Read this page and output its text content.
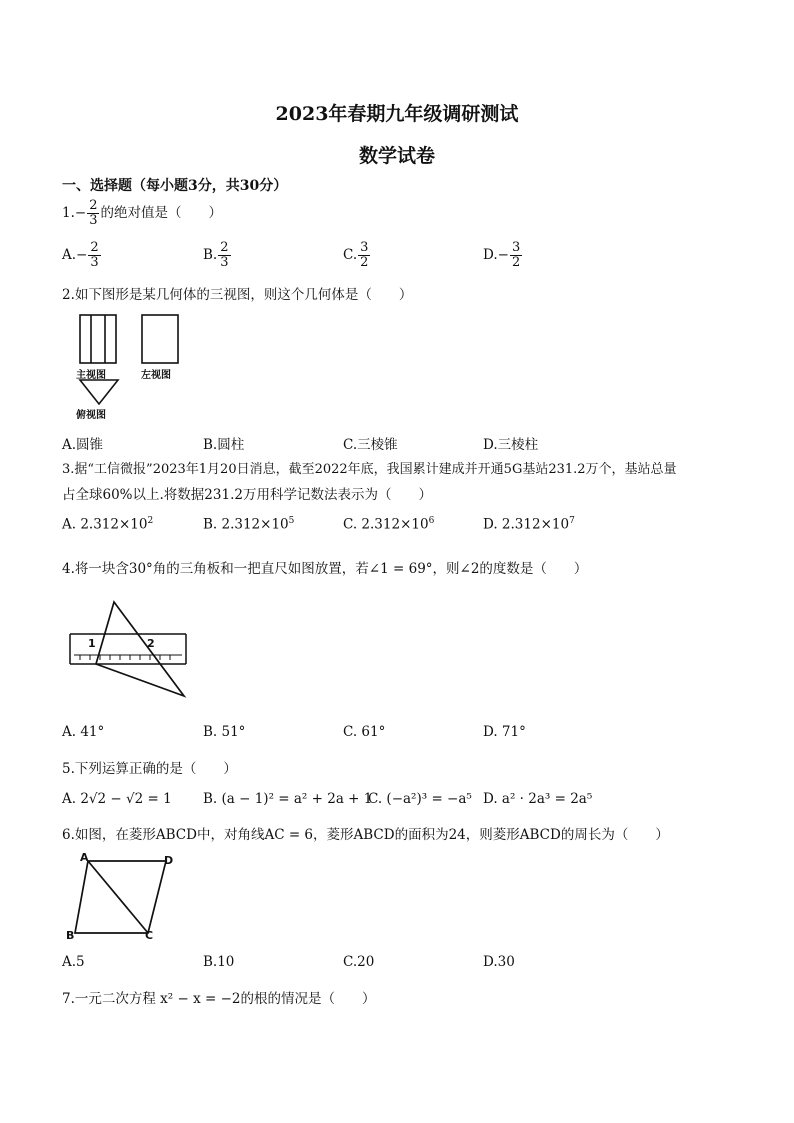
2023年春期九年级调研测试
数学试卷
一、选择题（每小题3分，共30分）
$1.- \frac{2}{3}$ 的绝对值是（　　）
$A.- \frac{2}{3}$	B. $\frac{2}{3}$	C. $\frac{3}{2}$	$D.- \frac{3}{2}$
2.如下图形是某几何体的三视图，则这个几何体是（　　）
主视图	左视图
俯视图
A.圆锥	B.圆柱	C.三棱锥	D.三棱柱
3.据“工信微报”2023年1月20日消息，截至2022年底，我国累计建成并开通5G基站231.2万个，基站总量
占全球60%以上.将数据231.2万用科学记数法表示为（　　）
A. $2.312\times 10^2$	B. $2.312\times 10^5$	C. $2.312\times 10^6$	D. $2.312\times 10^7$
4.将一块含30°角的三角板和一把直尺如图放置，若∠1 = 69°，则∠2的度数是（　　）
1	2
A. 41°	B. 51°	C. 61°	D. 71°
5.下列运算正确的是（　　）
A. 2√2 − √2 = 1 B. (a − 1)² = a² + 2a + 1
C. (−a²)³ = −a⁵ D. a² · 2a³ = 2a⁵
6.如图，在菱形ABCD中，对角线AC = 6，菱形ABCD的面积为24，则菱形ABCD的周长为（　　）
A	D
B	C
A.5	B.10	C.20	D.30
7.一元二次方程 x² − x = −2的根的情况是（　　）
